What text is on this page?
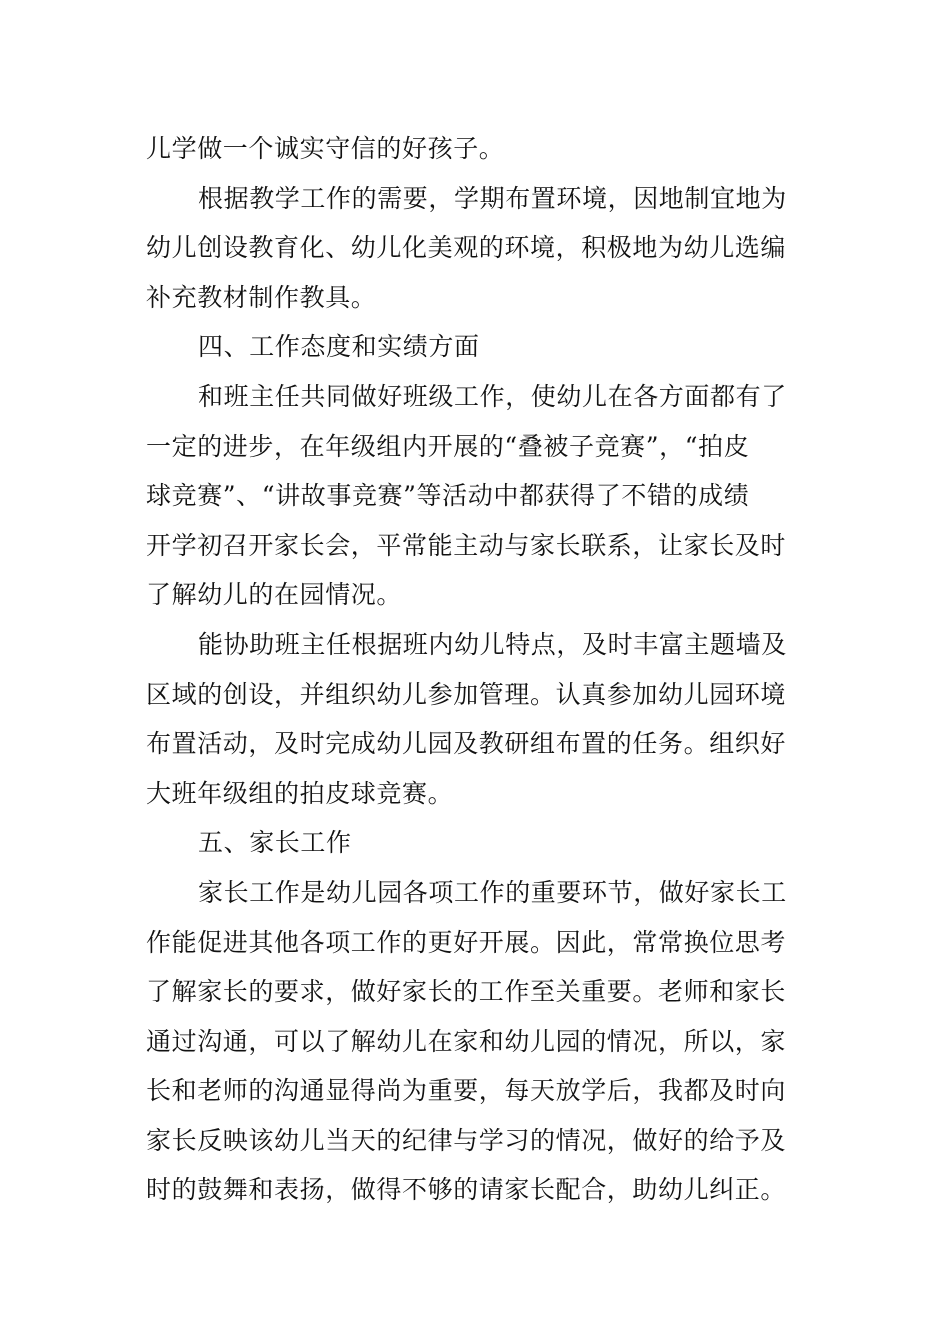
儿学做一个诚实守信的好孩子。
根据教学工作的需要，学期布置环境，因地制宜地为
幼儿创设教育化、幼儿化美观的环境，积极地为幼儿选编
补充教材制作教具。
四、工作态度和实绩方面
和班主任共同做好班级工作，使幼儿在各方面都有了
一定的进步，在年级组内开展的“叠被子竞赛”，“拍皮
球竞赛”、“讲故事竞赛”等活动中都获得了不错的成绩
开学初召开家长会，平常能主动与家长联系，让家长及时
了解幼儿的在园情况。
能协助班主任根据班内幼儿特点，及时丰富主题墙及
区域的创设，并组织幼儿参加管理。认真参加幼儿园环境
布置活动，及时完成幼儿园及教研组布置的任务。组织好
大班年级组的拍皮球竞赛。
五、家长工作
家长工作是幼儿园各项工作的重要环节，做好家长工
作能促进其他各项工作的更好开展。因此，常常换位思考
了解家长的要求，做好家长的工作至关重要。老师和家长
通过沟通，可以了解幼儿在家和幼儿园的情况，所以，家
长和老师的沟通显得尚为重要，每天放学后，我都及时向
家长反映该幼儿当天的纪律与学习的情况，做好的给予及
时的鼓舞和表扬，做得不够的请家长配合，助幼儿纠正。
